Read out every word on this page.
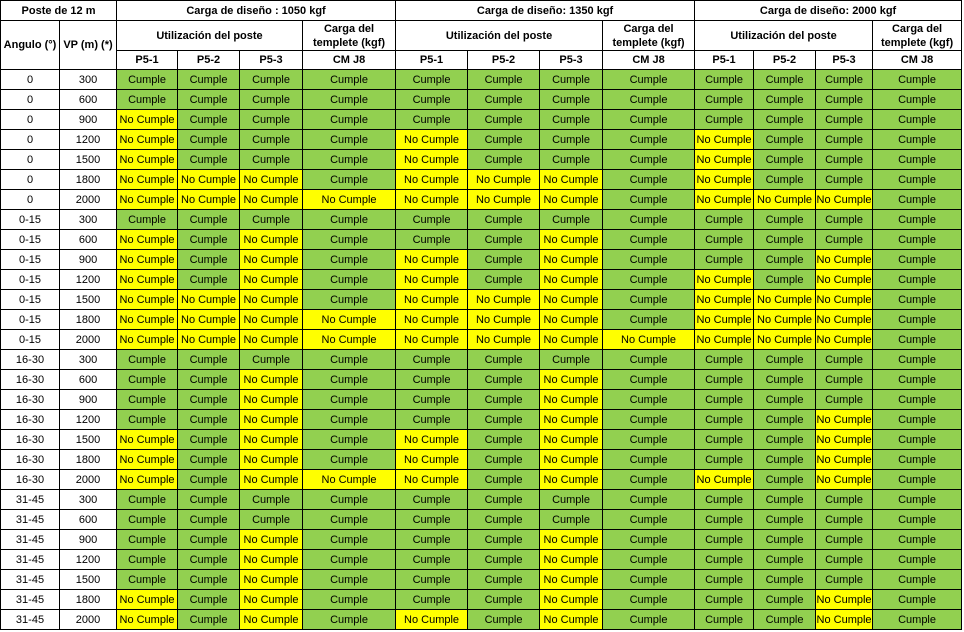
Poste de 12 m		Carga de diseño : 1050 kgf				Carga de diseño: 1350 kgf				Carga de diseño: 2000 kgf			
Angulo (°)	VP (m) (*)	Utilización del poste			Carga del templete (kgf)	Utilización del poste			Carga del templete (kgf)	Utilización del poste			Carga del templete (kgf)
		P5-1	P5-2	P5-3	CM J8	P5-1	P5-2	P5-3	CM J8	P5-1	P5-2	P5-3	CM J8
0	300	Cumple	Cumple	Cumple	Cumple	Cumple	Cumple	Cumple	Cumple	Cumple	Cumple	Cumple	Cumple
0	600	Cumple	Cumple	Cumple	Cumple	Cumple	Cumple	Cumple	Cumple	Cumple	Cumple	Cumple	Cumple
0	900	No Cumple	Cumple	Cumple	Cumple	Cumple	Cumple	Cumple	Cumple	Cumple	Cumple	Cumple	Cumple
0	1200	No Cumple	Cumple	Cumple	Cumple	No Cumple	Cumple	Cumple	Cumple	No Cumple	Cumple	Cumple	Cumple
0	1500	No Cumple	Cumple	Cumple	Cumple	No Cumple	Cumple	Cumple	Cumple	No Cumple	Cumple	Cumple	Cumple
0	1800	No Cumple	No Cumple	No Cumple	Cumple	No Cumple	No Cumple	No Cumple	Cumple	No Cumple	Cumple	Cumple	Cumple
0	2000	No Cumple	No Cumple	No Cumple	No Cumple	No Cumple	No Cumple	No Cumple	Cumple	No Cumple	No Cumple	No Cumple	Cumple
0-15	300	Cumple	Cumple	Cumple	Cumple	Cumple	Cumple	Cumple	Cumple	Cumple	Cumple	Cumple	Cumple
0-15	600	No Cumple	Cumple	No Cumple	Cumple	Cumple	Cumple	No Cumple	Cumple	Cumple	Cumple	Cumple	Cumple
0-15	900	No Cumple	Cumple	No Cumple	Cumple	No Cumple	Cumple	No Cumple	Cumple	Cumple	Cumple	No Cumple	Cumple
0-15	1200	No Cumple	Cumple	No Cumple	Cumple	No Cumple	Cumple	No Cumple	Cumple	No Cumple	Cumple	No Cumple	Cumple
0-15	1500	No Cumple	No Cumple	No Cumple	Cumple	No Cumple	No Cumple	No Cumple	Cumple	No Cumple	No Cumple	No Cumple	Cumple
0-15	1800	No Cumple	No Cumple	No Cumple	No Cumple	No Cumple	No Cumple	No Cumple	Cumple	No Cumple	No Cumple	No Cumple	Cumple
0-15	2000	No Cumple	No Cumple	No Cumple	No Cumple	No Cumple	No Cumple	No Cumple	No Cumple	No Cumple	No Cumple	No Cumple	Cumple
16-30	300	Cumple	Cumple	Cumple	Cumple	Cumple	Cumple	Cumple	Cumple	Cumple	Cumple	Cumple	Cumple
16-30	600	Cumple	Cumple	No Cumple	Cumple	Cumple	Cumple	No Cumple	Cumple	Cumple	Cumple	Cumple	Cumple
16-30	900	Cumple	Cumple	No Cumple	Cumple	Cumple	Cumple	No Cumple	Cumple	Cumple	Cumple	Cumple	Cumple
16-30	1200	Cumple	Cumple	No Cumple	Cumple	Cumple	Cumple	No Cumple	Cumple	Cumple	Cumple	No Cumple	Cumple
16-30	1500	No Cumple	Cumple	No Cumple	Cumple	No Cumple	Cumple	No Cumple	Cumple	Cumple	Cumple	No Cumple	Cumple
16-30	1800	No Cumple	Cumple	No Cumple	Cumple	No Cumple	Cumple	No Cumple	Cumple	Cumple	Cumple	No Cumple	Cumple
16-30	2000	No Cumple	Cumple	No Cumple	No Cumple	No Cumple	Cumple	No Cumple	Cumple	No Cumple	Cumple	No Cumple	Cumple
31-45	300	Cumple	Cumple	Cumple	Cumple	Cumple	Cumple	Cumple	Cumple	Cumple	Cumple	Cumple	Cumple
31-45	600	Cumple	Cumple	Cumple	Cumple	Cumple	Cumple	Cumple	Cumple	Cumple	Cumple	Cumple	Cumple
31-45	900	Cumple	Cumple	No Cumple	Cumple	Cumple	Cumple	No Cumple	Cumple	Cumple	Cumple	Cumple	Cumple
31-45	1200	Cumple	Cumple	No Cumple	Cumple	Cumple	Cumple	No Cumple	Cumple	Cumple	Cumple	Cumple	Cumple
31-45	1500	Cumple	Cumple	No Cumple	Cumple	Cumple	Cumple	No Cumple	Cumple	Cumple	Cumple	Cumple	Cumple
31-45	1800	No Cumple	Cumple	No Cumple	Cumple	Cumple	Cumple	No Cumple	Cumple	Cumple	Cumple	No Cumple	Cumple
31-45	2000	No Cumple	Cumple	No Cumple	Cumple	No Cumple	Cumple	No Cumple	Cumple	Cumple	Cumple	No Cumple	Cumple
